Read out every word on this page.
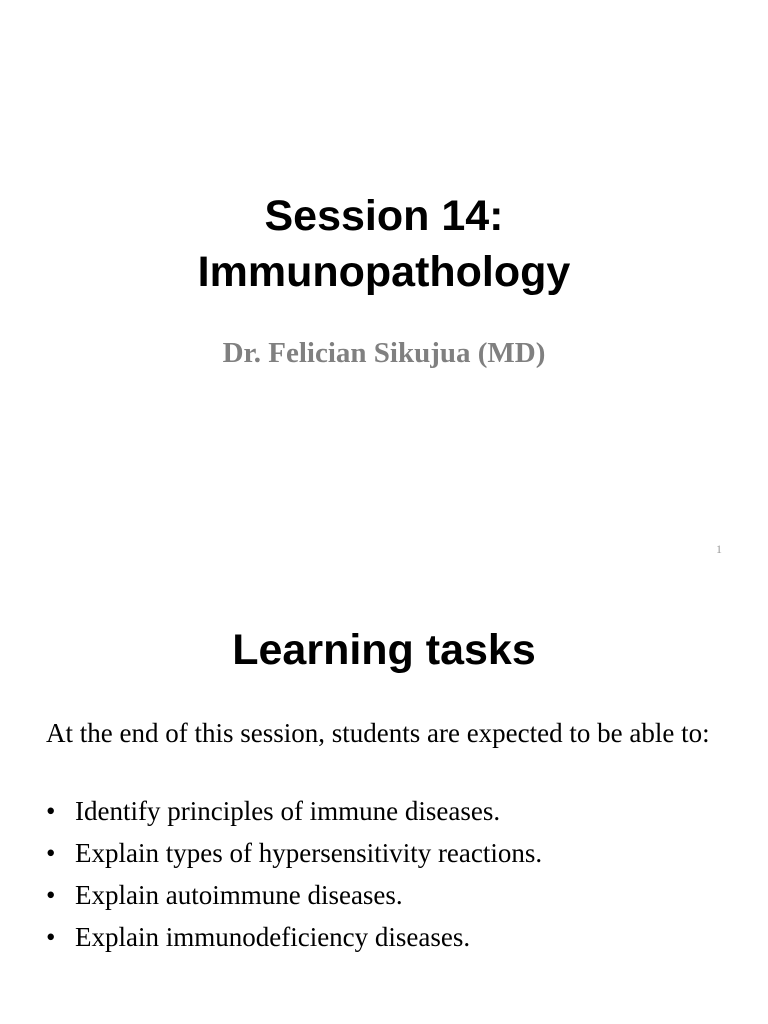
Session 14:
Immunopathology
Dr. Felician Sikujua (MD)
1
Learning tasks
At the end of this session, students are expected to be able to:
• Identify principles of immune diseases.
• Explain types of hypersensitivity reactions.
• Explain autoimmune diseases.
• Explain immunodeficiency diseases.
